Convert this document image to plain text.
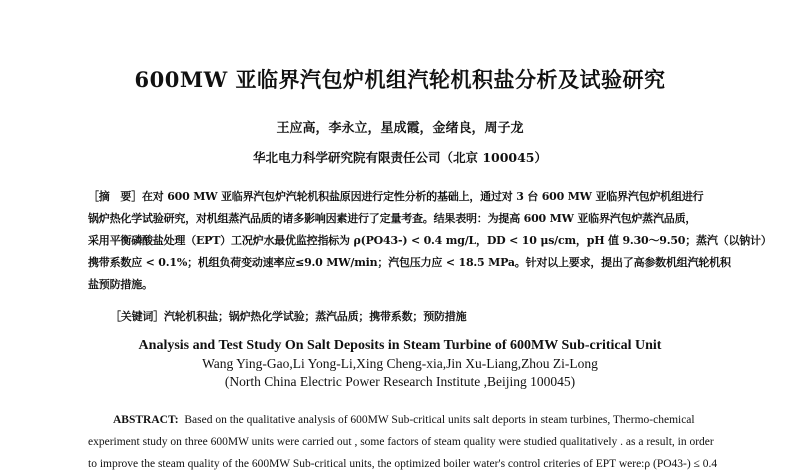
600MW 亚临界汽包炉机组汽轮机积盐分析及试验研究
王应高，李永立，星成霞，金绪良，周子龙
华北电力科学研究院有限责任公司（北京 100045）
［摘　要］在对 600 MW 亚临界汽包炉汽轮机积盐原因进行定性分析的基础上，通过对 3 台 600 MW 亚临界汽包炉机组进行
锅炉热化学试验研究，对机组蒸汽品质的诸多影响因素进行了定量考查。结果表明：为提高 600 MW 亚临界汽包炉蒸汽品质，
采用平衡磷酸盐处理（EPT）工况炉水最优监控指标为 ρ(PO43-) < 0.4 mg/L，DD < 10 μs/cm，pH 值 9.30～9.50；蒸汽（以钠计）
携带系数应 < 0.1%；机组负荷变动速率应≤9.0 MW/min；汽包压力应 < 18.5 MPa。针对以上要求，提出了高参数机组汽轮机积
盐预防措施。
［关键词］汽轮机积盐；锅炉热化学试验；蒸汽品质；携带系数；预防措施
Analysis and Test Study On Salt Deposits in Steam Turbine of 600MW Sub-critical Unit
Wang Ying-Gao,Li Yong-Li,Xing Cheng-xia,Jin Xu-Liang,Zhou Zi-Long
(North China Electric Power Research Institute ,Beijing 100045)
ABSTRACT: Based on the qualitative analysis of 600MW Sub-critical units salt deports in steam turbines, Thermo-chemical
experiment study on three 600MW units were carried out , some factors of steam quality were studied qualitatively . as a result, in order
to improve the steam quality of the 600MW Sub-critical units, the optimized boiler water's control criteries of EPT were:ρ (PO43-) ≤ 0.4
